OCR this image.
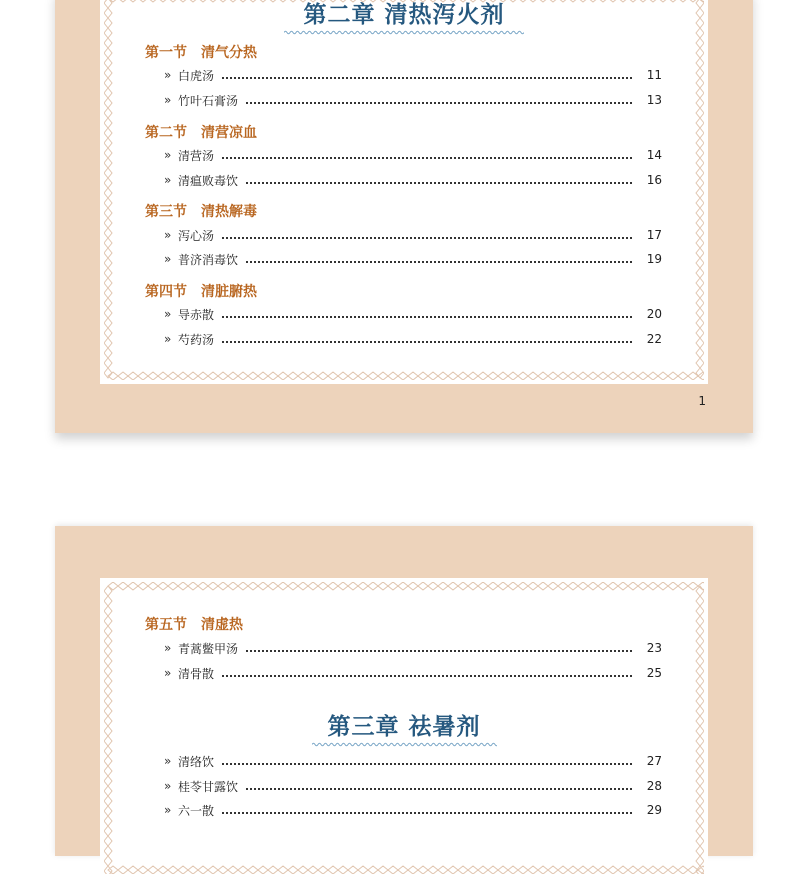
第二章 清热泻火剂
第一节 清气分热
» 白虎汤	11
» 竹叶石膏汤	13
第二节 清营凉血
» 清营汤	14
» 清瘟败毒饮	16
第三节 清热解毒
» 泻心汤	17
» 普济消毒饮	19
第四节 清脏腑热
» 导赤散	20
» 芍药汤	22
1
第五节 清虚热
» 青蒿鳖甲汤	23
» 清骨散	25
第三章 祛暑剂
» 清络饮	27
» 桂苓甘露饮	28
» 六一散	29
